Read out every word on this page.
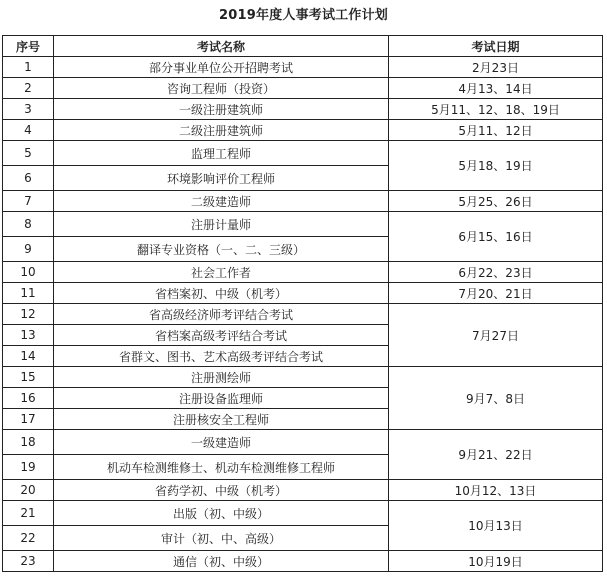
2019年度人事考试工作计划
序号	考试名称	考试日期
1	部分事业单位公开招聘考试	2月23日
2	咨询工程师（投资）	4月13、14日
3	一级注册建筑师	5月11、12、18、19日
4	二级注册建筑师	5月11、12日
5	监理工程师	5月18、19日
6	环境影响评价工程师	
7	二级建造师	5月25、26日
8	注册计量师	6月15、16日
9	翻译专业资格（一、二、三级）	
10	社会工作者	6月22、23日
11	省档案初、中级（机考）	7月20、21日
12	省高级经济师考评结合考试	7月27日
13	省档案高级考评结合考试	
14	省群文、图书、艺术高级考评结合考试	
15	注册测绘师	9月7、8日
16	注册设备监理师	
17	注册核安全工程师	
18	一级建造师	9月21、22日
19	机动车检测维修士、机动车检测维修工程师	
20	省药学初、中级（机考）	10月12、13日
21	出版（初、中级）	10月13日
22	审计（初、中、高级）	
23	通信（初、中级）	10月19日
